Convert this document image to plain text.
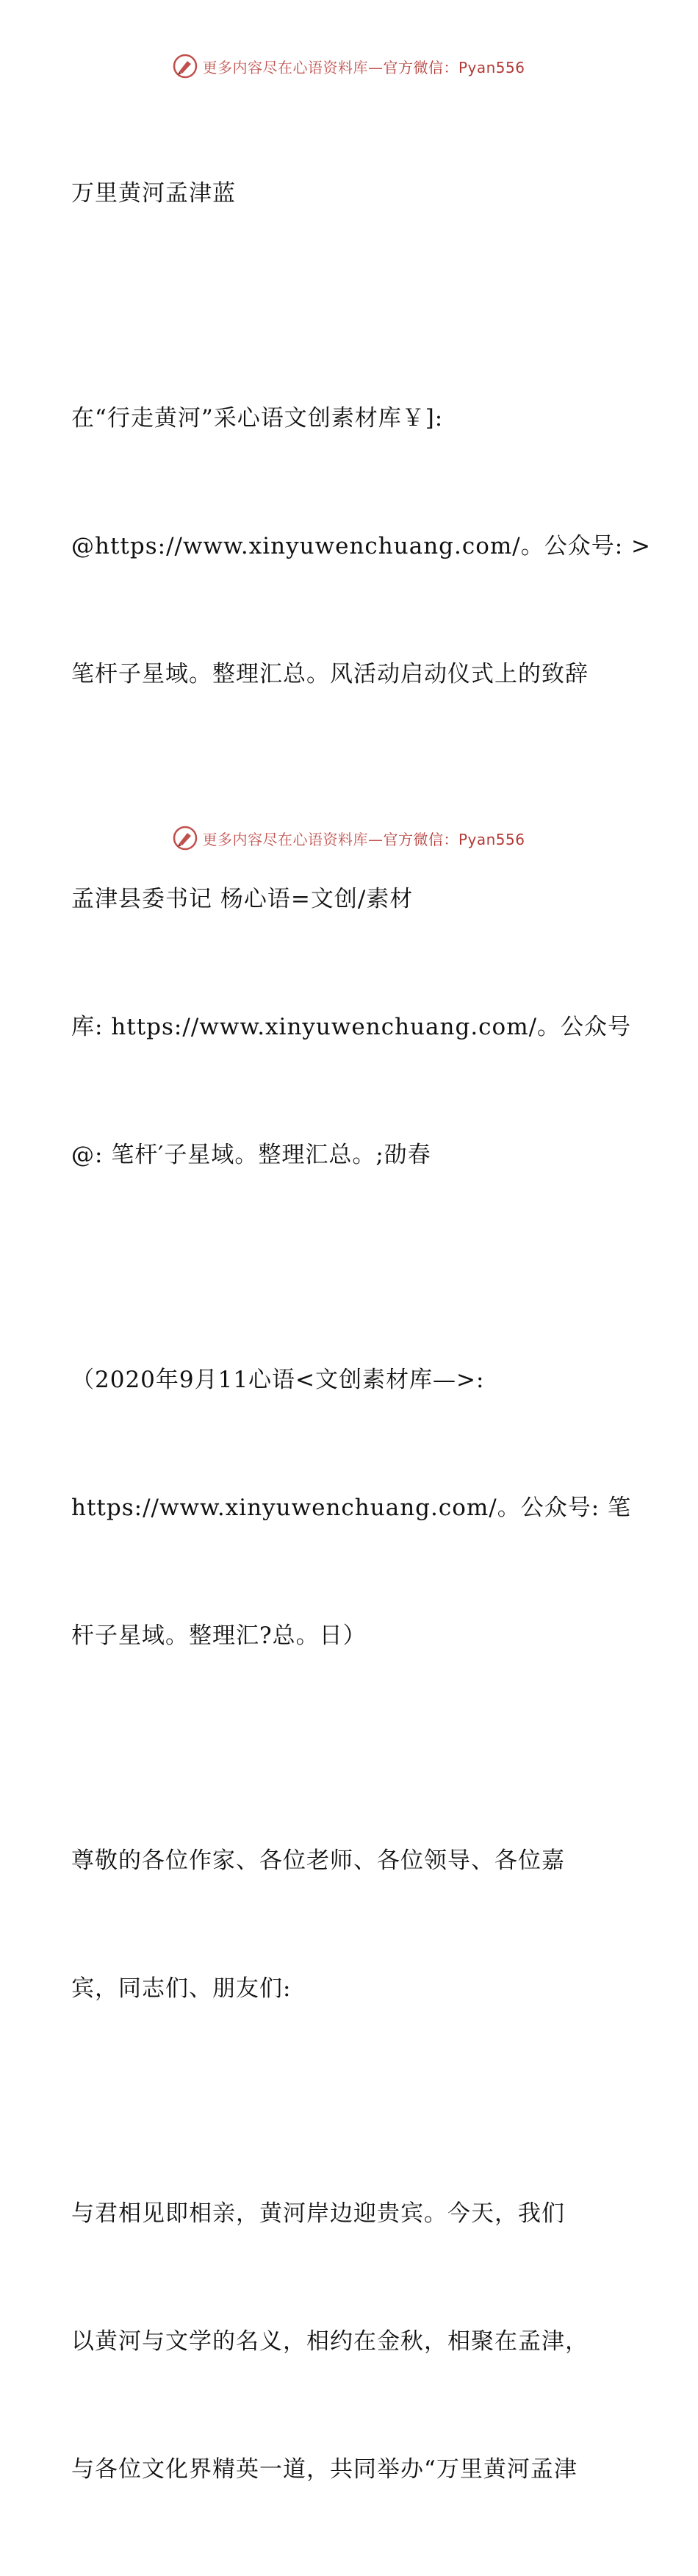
更多内容尽在心语资料库—官方微信：Pyan556

万里黄河孟津蓝

在“行走黄河”采心语文创素材库￥]:

@https://www.xinyuwenchuang.com/。公众号: >

笔杆子星域。整理汇总。风活动启动仪式上的致辞

孟津县委书记 杨心语=文创/素材

库: https://www.xinyuwenchuang.com/。公众号

@: 笔杆′子星域。整理汇总。;劭春

（2020年9月11心语<文创素材库—>:

https://www.xinyuwenchuang.com/。公众号: 笔

杆子星域。整理汇?总。日）

尊敬的各位作家、各位老师、各位领导、各位嘉

宾，同志们、朋友们:

与君相见即相亲，黄河岸边迎贵宾。今天，我们

以黄河与文学的名义，相约在金秋，相聚在孟津，

与各位文化界精英一道，共同举办“万里黄河孟津

更多内容尽在心语资料库—官方微信：Pyan556
